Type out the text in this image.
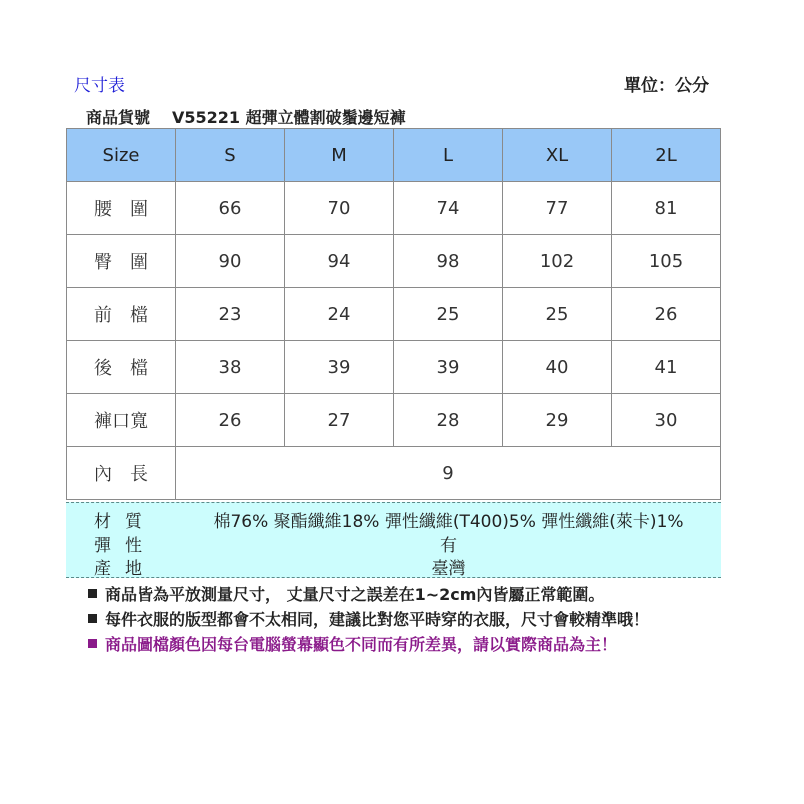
尺寸表	單位：公分
商品貨號 V55221 超彈立體割破鬚邊短褲
Size	S	M	L	XL	2L
腰　圍	66	70	74	77	81
臀　圍	90	94	98	102	105
前　檔	23	24	25	25	26
後　檔	38	39	39	40	41
褲口寬	26	27	28	29	30
內　長	9				
材質	棉76% 聚酯纖維18% 彈性纖維(T400)5% 彈性纖維(萊卡)1%
彈性	有
產地	臺灣
商品皆為平放測量尺寸， 丈量尺寸之誤差在1~2cm內皆屬正常範圍。
每件衣服的版型都會不太相同，建議比對您平時穿的衣服，尺寸會較精準哦！
商品圖檔顏色因每台電腦螢幕顯色不同而有所差異，請以實際商品為主！
